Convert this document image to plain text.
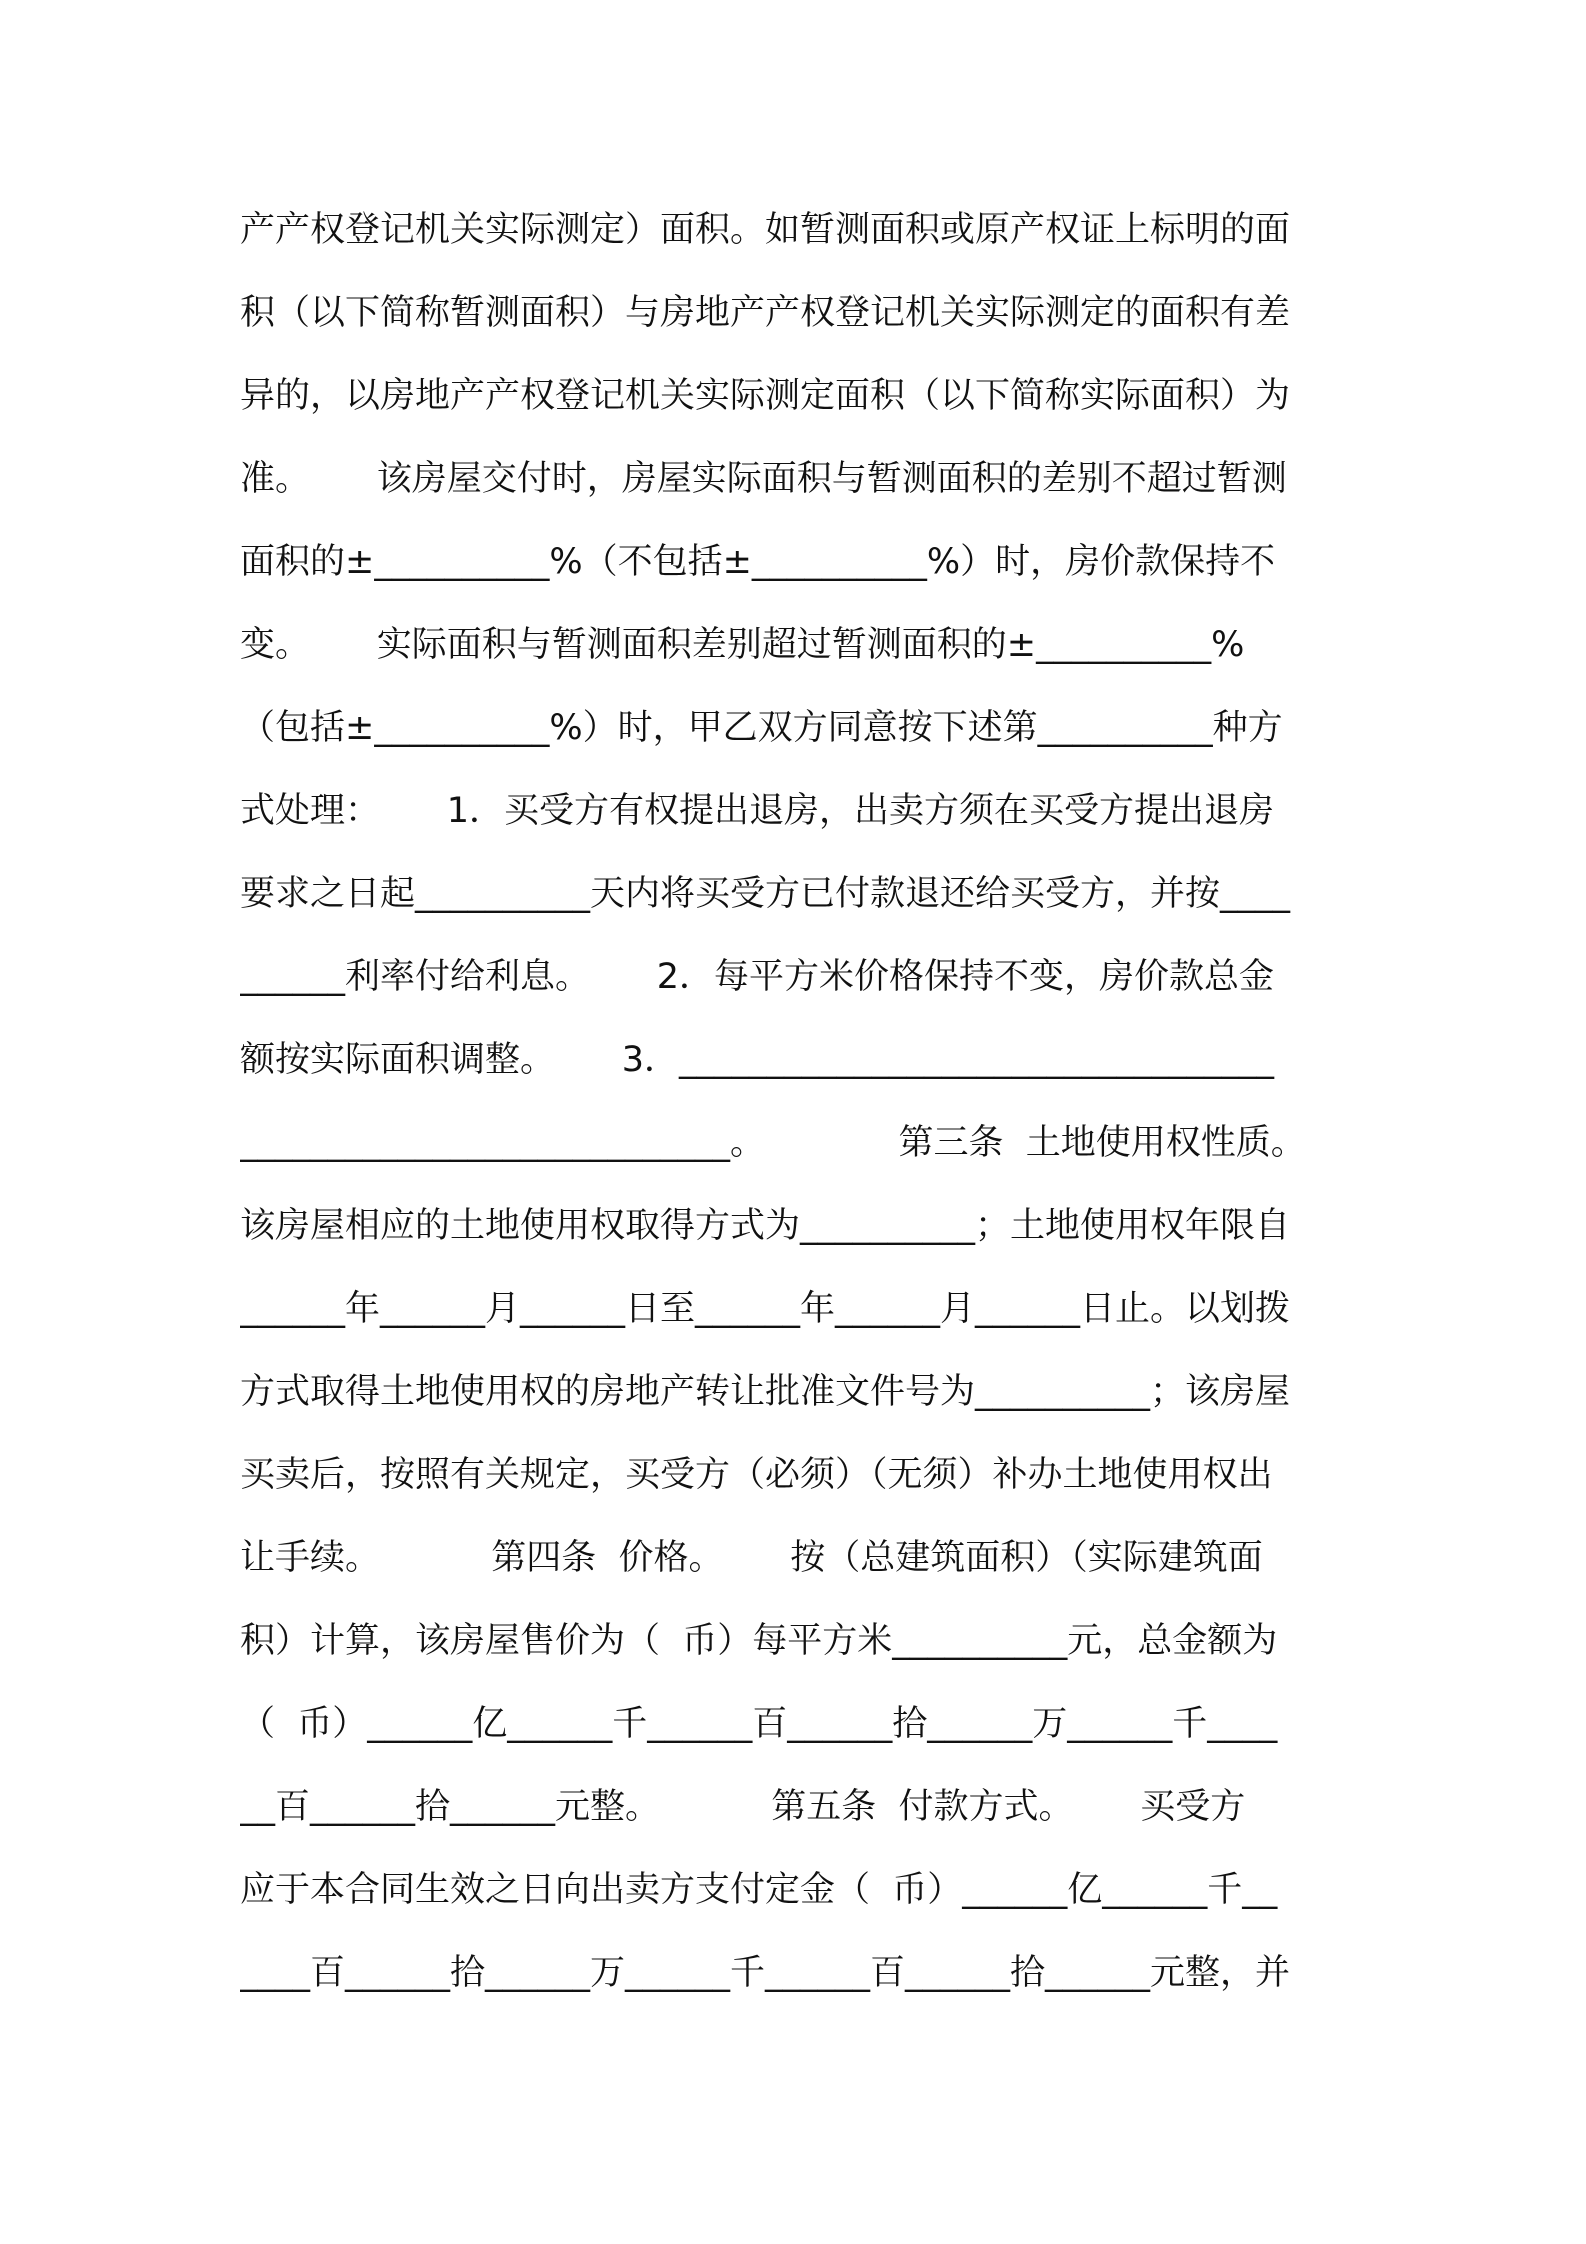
产产权登记机关实际测定）面积。如暂测面积或原产权证上标明的面
积（以下简称暂测面积）与房地产产权登记机关实际测定的面积有差
异的，以房地产产权登记机关实际测定面积（以下简称实际面积）为
准。      该房屋交付时，房屋实际面积与暂测面积的差别不超过暂测
面积的±__________%（不包括±__________%）时，房价款保持不
变。      实际面积与暂测面积差别超过暂测面积的±__________%
（包括±__________%）时，甲乙双方同意按下述第__________种方
式处理：      1．买受方有权提出退房，出卖方须在买受方提出退房
要求之日起__________天内将买受方已付款退还给买受方，并按____
______利率付给利息。      2．每平方米价格保持不变，房价款总金
额按实际面积调整。      3．__________________________________
____________________________。            第三条  土地使用权性质。
该房屋相应的土地使用权取得方式为__________；土地使用权年限自
______年______月______日至______年______月______日止。以划拨
方式取得土地使用权的房地产转让批准文件号为__________；该房屋
买卖后，按照有关规定，买受方（必须）（无须）补办土地使用权出
让手续。          第四条  价格。      按（总建筑面积）（实际建筑面
积）计算，该房屋售价为（  币）每平方米__________元，总金额为
（  币）______亿______千______百______拾______万______千____
__百______拾______元整。          第五条  付款方式。      买受方
应于本合同生效之日向出卖方支付定金（  币）______亿______千__
____百______拾______万______千______百______拾______元整，并
